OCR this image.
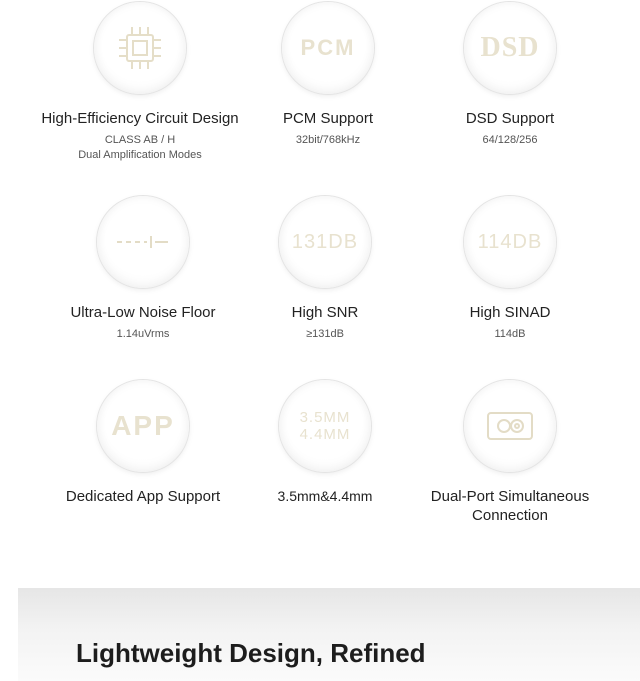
High-Efficiency Circuit Design
CLASS AB / H
Dual Amplification Modes
PCM
PCM Support
32bit/768kHz
DSD
DSD Support
64/128/256
Ultra-Low Noise Floor
1.14uVrms
131DB
High SNR
≥131dB
114DB
High SINAD
114dB
APP
Dedicated App Support
3.5MM
4.4MM
3.5mm&4.4mm	Dual-Port Simultaneous
Connection
Lightweight Design, Refined
